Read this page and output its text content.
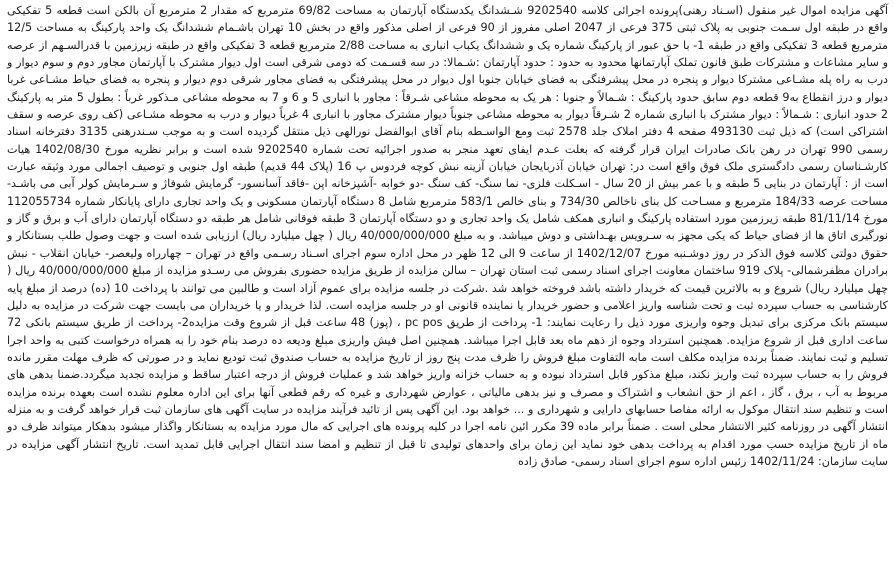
آگهی مزایده اموال غیر منقول (اسـناد رهنی)پرونده اجرائی کلاسه 9202540 شـشدانگ یکدستگاه آپارتمان به مساحت 69/82 مترمربع که مقدار 2 مترمربع آن بالکن است قطعه 5 تفکیکی واقع در طبقه اول سـمت جنوبی به پلاک ثبتی 375 فرعی از 2047 اصلی مفروز از 90 فرعی از اصلی مذکور واقع در بخش 10 تهران باشـمام ششدانگ یک واحد پارکینگ به مساحت 12/5 مترمربع قطعه 3 تفکیکی واقع در طبقه 1- با حق عبور از پارکینگ شماره یک و ششدانگ یکباب انباری به مساحت 2/88 مترمربع قطعه 3 تفکیکی واقع در طبقه زیرزمین با قدرالسـهم از عرصه و سایر مشاعات و مشترکات طبق قانون تملک آپارتمانها محدود به حدود : حدود آپارتمان :شـمالا: در سه قسـمت که دومی شرقی است اول دیوار مشترک با آپارتمان مجاور دوم و سوم دیوار و درب به راه پله مشـاعی مشترکا دیوار و پنجره در محل پیشرفتگی به فضای خیابان جنوبا اول دیوار در محل پیشرفتگی به فضای مجاور شرقی دوم دیوار و پنجره به فضای حیاط مشـاعی غربا دیوار و درز انقطاع به9 قطعه دوم سابق حدود پارکینگ : شـمالاً و جنوبا : هر یک به محوطه مشاعی شـرقاً : مجاور با انباری 5 و 6 و 7 به محوطه مشاعی مـذکور غرباً : بطول 5 متر به پارکینگ 2 حدود انباری : شـمالاً : دیوار مشترک با انباری شماره 2 شـرقاً دیوار به محوطه مشاعی جنوباً دیوار مشترک مجاور با انباری 4 غرباً دیوار و درب به محوطه مشـاعی (کف روی عرصه و سقف اشتراکی است) که ذیل ثبت 493130 صفحه 4 دفتر املاک جلد 2578 ثبت ومع الواسـطه بنام آقای ابوالفضل نورالهی ذیل منتقل گردیده است و به موجب سـندرهنی 3135 دفترخانه اسناد رسمی 990 تهران در رهن بانک صادرات ایران قرار گرفته که بعلت عـدم ایفای تعهد منجر به صدور اجرائیه تحت شماره 9202540 شده است و برابر نظریه مورخ 1402/08/30 هیات کارشـناسان رسمی دادگستری ملک فوق واقع است در: تهران خیابان آذربایجان خیابان آزینه نبش کوچه فردوس پ 16 (پلاک 44 قدیم) طبقه اول جنوبی و توصیف اجمالی مورد وثیقه عبارت است از : آپارتمان در بنایی 5 طبقه و با عمر بیش از 20 سال - اسـکلت فلزی- نما سنگ- کف سنگ -دو خوابه -آشپزخانه اپن -فاقد آسانسور- گرمایش شوفاژ و سـرمایش کولر آبی می باشـد-مساحت عرصه 184/33 مترمربع و مسـاحت کل بنای ناخالص 734/30 و بنای خالص 583/1 مترمربع شامل 8 دستگاه آپارتمان مسکونی و یک واحد تجاری دارای پایانکار شماره 112055734 مورخ 81/11/14 طبقه زیرزمین مورد استفاده پارکینگ و انباری همکف شامل یک واحد تجاری و دو دستگاه آپارتمان 3 طبقه فوقانی شامل هر طبقه دو دستگاه آپارتمان دارای آب و برق و گاز و نورگیری اتاق ها از فضای حیاط که یکی مجهز به سـرویس بهـداشتی و دوش میباشد. و به مبلغ 40/000/000/000 ریال ( چهل میلیارد ریال) ارزیابی شده است و جهت وصول طلب بستانکار و حقوق دولتی کلاسه فوق الذکر در روز دوشـنبه مورخ 1402/12/07 از ساعت 9 الی 12 ظهر در محل اداره سوم اجرای اسـناد رسـمی واقع در تهران – چهارراه ولیعصر- خیابان انقلاب - نبش برادران مظفرشمالی- پلاک 919 ساختمان معاونت اجرای اسناد رسمی ثبت استان تهران – سالن مزایده از طریق مزایده حضوری بفروش می رسـدو مزایده از مبلغ 40/000/000/000 ریال ( چهل میلیارد ریال) شروع و به بالاترین قیمت که خریدار داشته باشد فروخته خواهد شد .شرکت در جلسه مزایده برای عموم آزاد است و طالبین می توانند با پرداخت 10 (ده) درصد از مبلغ پایه کارشناسی به حساب سپرده ثبت و تحت شناسه واریز اعلامی و حضور خریدار یا نماینده قانونی او در جلسه مزایده است. لذا خریدار و یا خریداران می بایست جهت شرکت در مزایده به دلیل سیستم بانک مرکزی برای تبدیل وجوه واریزی مورد ذیل را رعایت نمایند: 1- پرداخت از طریق pc pos ، (پوز) 48 ساعت قبل از شروع وقت مزایده2- پرداخت از طریق سیستم بانکی 72 ساعت اداری قبل از شروع مزایده. همچنین استرداد وجوه از ذهم ماه بعد قابل اجرا میباشد. همچنین اصل فیش واریزی مبلغ ودیعه ده درصد بنام خود را به همراه درخواست کتبی به واحد اجرا تسلیم و ثبت نمایند. ضمناً برنده مزایده مکلف است مابه التفاوت مبلغ فروش را ظرف مدت پنج روز از تاریخ مزایده به حساب صندوق ثبت تودیع نماید و در صورتی که ظرف مهلت مقرر مانده فروش را به حساب سپرده ثبت واریز نکند، مبلغ مذکور قابل استرداد نبوده و به حساب خزانه واریز خواهد شد و عملیات فروش از درجه اعتبار ساقط و مزایده تجدید میگردد.ضمنا بدهی های مربوط به آب ، برق ، گاز ، اعم از حق انشعاب و اشتراک و مصرف و نیز بدهی مالیاتی ، عوارض شهرداری و غیره که رقم قطعی آنها برای این اداره معلوم نشده است بعهده برنده مزایده است و تنظیم سند انتقال موکول به ارائه مفاصا حسابهای دارایی و شهرداری و ... خواهد بود. این آگهی پس از تائید فرآیند مزایده در سایت آگهی های سازمان ثبت قرار خواهد گرفت و به منزله انتشار آگهی در روزنامه کثیر الانتشار محلی است . ضمناً برابر ماده 39 مکرر ائین نامه اجرا در کلیه پرونده های اجرایی که مال مورد مزایده به بستانکار واگذار میشود بدهکار میتواند ظرف دو ماه از تاریخ مزایده حسب مورد اقدام به پرداخت بدهی خود نماید این زمان برای واحدهای تولیدی تا قبل از تنظیم و امضا سند انتقال اجرایی قابل تمدید است. تاریخ انتشار آگهی مزایده در سایت سازمان: 1402/11/24 رئیس اداره سوم اجرای اسناد رسمی- صادق زاده
